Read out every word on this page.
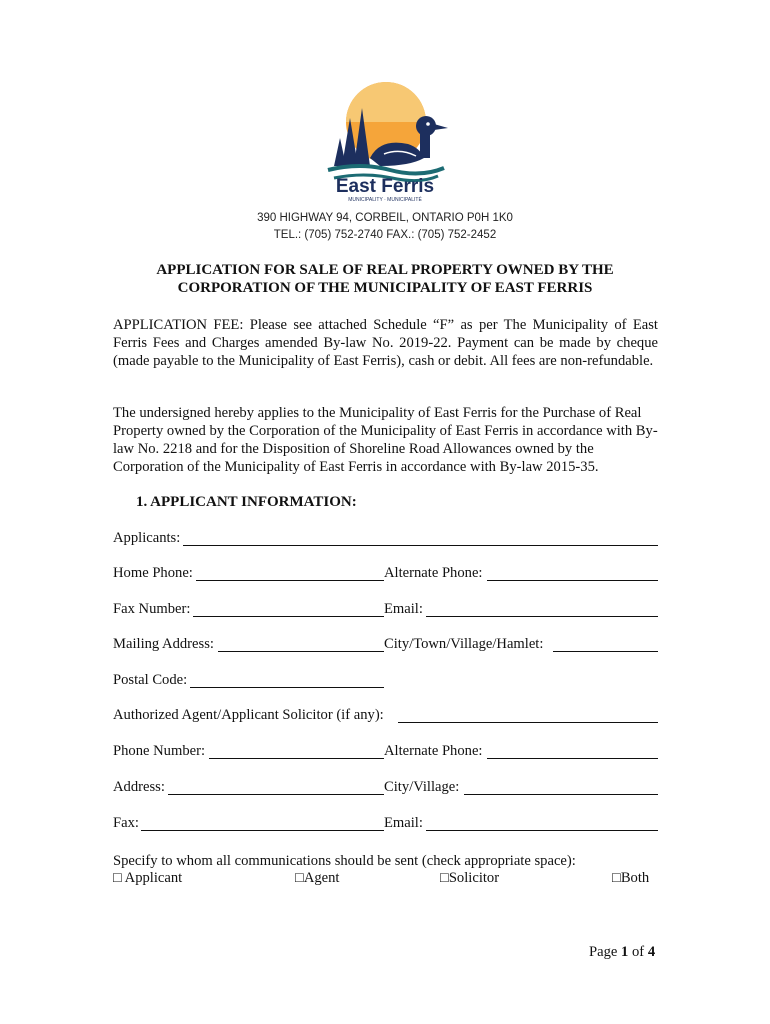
East Ferris
MUNICIPALITY · MUNICIPALITÉ
390 HIGHWAY 94, CORBEIL, ONTARIO P0H 1K0
TEL.: (705) 752-2740 FAX.: (705) 752-2452
APPLICATION FOR SALE OF REAL PROPERTY OWNED BY THE
CORPORATION OF THE MUNICIPALITY OF EAST FERRIS
APPLICATION FEE: Please see attached Schedule “F” as per The Municipality of East Ferris Fees and Charges amended By-law No. 2019-22. Payment can be made by cheque (made payable to the Municipality of East Ferris), cash or debit. All fees are non-refundable.
The undersigned hereby applies to the Municipality of East Ferris for the Purchase of Real Property owned by the Corporation of the Municipality of East Ferris in accordance with By-law No. 2218 and for the Disposition of Shoreline Road Allowances owned by the Corporation of the Municipality of East Ferris in accordance with By-law 2015-35.
1. APPLICANT INFORMATION:
Applicants:
Home Phone:	Alternate Phone:
Fax Number:	Email:
Mailing Address:	City/Town/Village/Hamlet:
Postal Code:
Authorized Agent/Applicant Solicitor (if any):
Phone Number:	Alternate Phone:
Address:	City/Village:
Fax:	Email:
Specify to whom all communications should be sent (check appropriate space):
□ Applicant	□Agent	□Solicitor	□Both
Page 1 of 4
